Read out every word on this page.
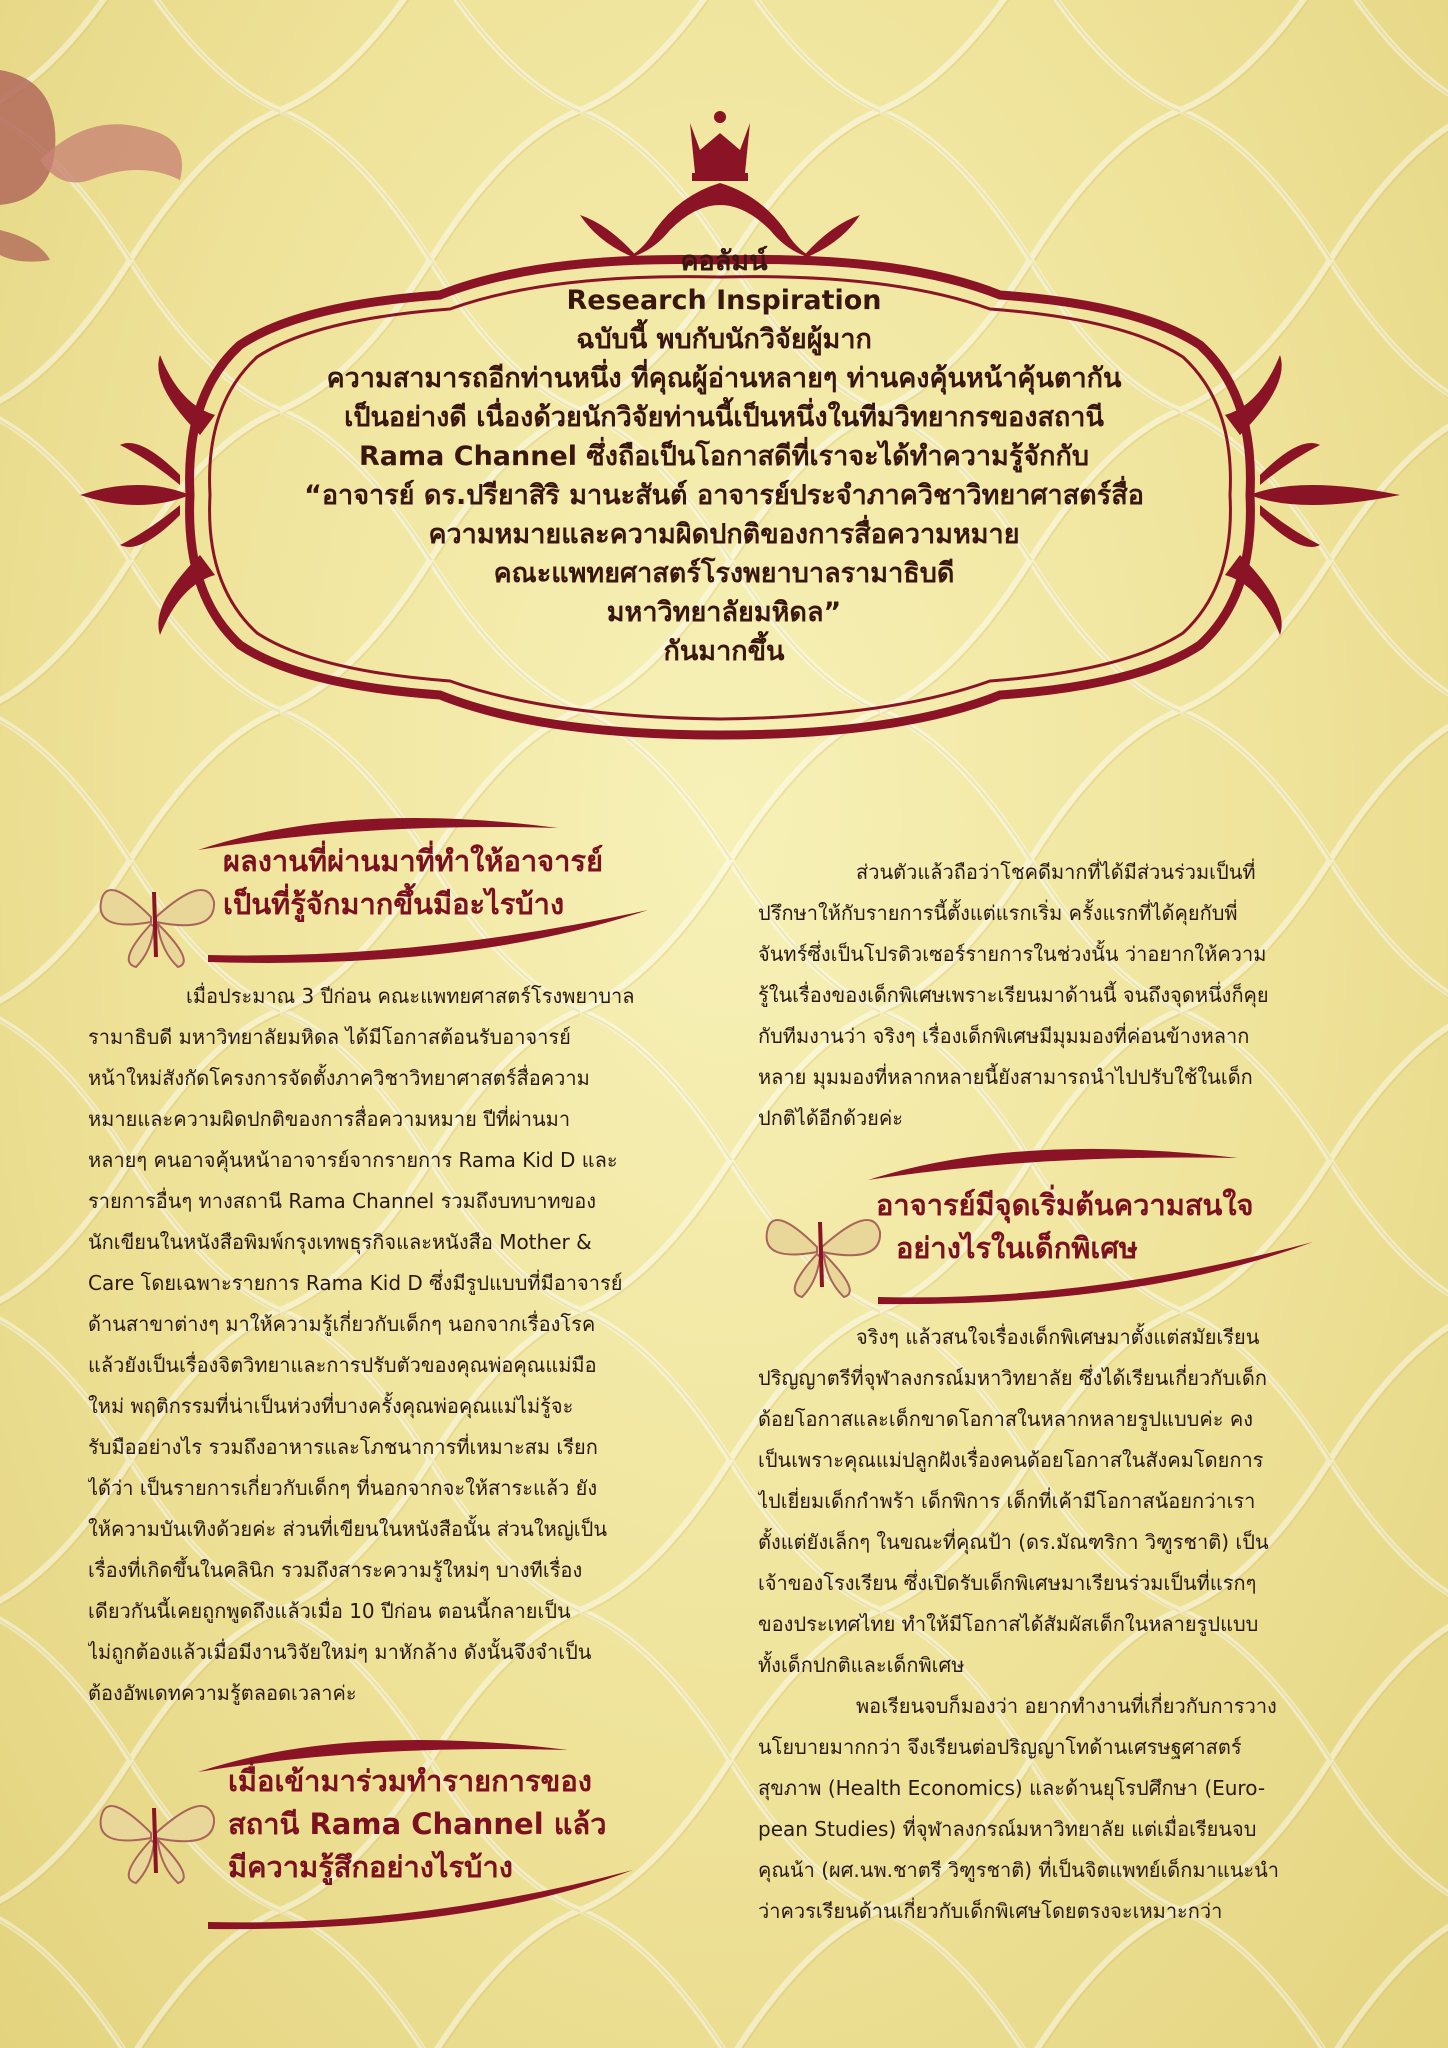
คอลัมน์
Research Inspiration
ฉบับนี้ พบกับนักวิจัยผู้มาก
ความสามารถอีกท่านหนึ่ง ที่คุณผู้อ่านหลายๆ ท่านคงคุ้นหน้าคุ้นตากัน
เป็นอย่างดี เนื่องด้วยนักวิจัยท่านนี้เป็นหนึ่งในทีมวิทยากรของสถานี
Rama Channel ซึ่งถือเป็นโอกาสดีที่เราจะได้ทำความรู้จักกับ
“อาจารย์ ดร.ปรียาสิริ มานะสันต์ อาจารย์ประจำภาควิชาวิทยาศาสตร์สื่อ
ความหมายและความผิดปกติของการสื่อความหมาย
คณะแพทยศาสตร์โรงพยาบาลรามาธิบดี
มหาวิทยาลัยมหิดล”
กันมากขึ้น
ผลงานที่ผ่านมาที่ทำให้อาจารย์
เป็นที่รู้จักมากขึ้นมีอะไรบ้าง

เมื่อประมาณ 3 ปีก่อน คณะแพทยศาสตร์โรงพยาบาล
รามาธิบดี มหาวิทยาลัยมหิดล ได้มีโอกาสต้อนรับอาจารย์
หน้าใหม่สังกัดโครงการจัดตั้งภาควิชาวิทยาศาสตร์สื่อความ
หมายและความผิดปกติของการสื่อความหมาย ปีที่ผ่านมา
หลายๆ คนอาจคุ้นหน้าอาจารย์จากรายการ Rama Kid D และ
รายการอื่นๆ ทางสถานี Rama Channel รวมถึงบทบาทของ
นักเขียนในหนังสือพิมพ์กรุงเทพธุรกิจและหนังสือ Mother &
Care โดยเฉพาะรายการ Rama Kid D ซึ่งมีรูปแบบที่มีอาจารย์
ด้านสาขาต่างๆ มาให้ความรู้เกี่ยวกับเด็กๆ นอกจากเรื่องโรค
แล้วยังเป็นเรื่องจิตวิทยาและการปรับตัวของคุณพ่อคุณแม่มือ
ใหม่ พฤติกรรมที่น่าเป็นห่วงที่บางครั้งคุณพ่อคุณแม่ไม่รู้จะ
รับมืออย่างไร รวมถึงอาหารและโภชนาการที่เหมาะสม เรียก
ได้ว่า เป็นรายการเกี่ยวกับเด็กๆ ที่นอกจากจะให้สาระแล้ว ยัง
ให้ความบันเทิงด้วยค่ะ ส่วนที่เขียนในหนังสือนั้น ส่วนใหญ่เป็น
เรื่องที่เกิดขึ้นในคลินิก รวมถึงสาระความรู้ใหม่ๆ บางทีเรื่อง
เดียวกันนี้เคยถูกพูดถึงแล้วเมื่อ 10 ปีก่อน ตอนนี้กลายเป็น
ไม่ถูกต้องแล้วเมื่อมีงานวิจัยใหม่ๆ มาหักล้าง ดังนั้นจึงจำเป็น
ต้องอัพเดทความรู้ตลอดเวลาค่ะ

เมื่อเข้ามาร่วมทำรายการของ
สถานี Rama Channel แล้ว
มีความรู้สึกอย่างไรบ้าง

ส่วนตัวแล้วถือว่าโชคดีมากที่ได้มีส่วนร่วมเป็นที่
ปรึกษาให้กับรายการนี้ตั้งแต่แรกเริ่ม ครั้งแรกที่ได้คุยกับพี่
จันทร์ซึ่งเป็นโปรดิวเซอร์รายการในช่วงนั้น ว่าอยากให้ความ
รู้ในเรื่องของเด็กพิเศษเพราะเรียนมาด้านนี้ จนถึงจุดหนึ่งก็คุย
กับทีมงานว่า จริงๆ เรื่องเด็กพิเศษมีมุมมองที่ค่อนข้างหลาก
หลาย มุมมองที่หลากหลายนี้ยังสามารถนำไปปรับใช้ในเด็ก
ปกติได้อีกด้วยค่ะ

อาจารย์มีจุดเริ่มต้นความสนใจ
อย่างไรในเด็กพิเศษ

จริงๆ แล้วสนใจเรื่องเด็กพิเศษมาตั้งแต่สมัยเรียน
ปริญญาตรีที่จุฬาลงกรณ์มหาวิทยาลัย ซึ่งได้เรียนเกี่ยวกับเด็ก
ด้อยโอกาสและเด็กขาดโอกาสในหลากหลายรูปแบบค่ะ คง
เป็นเพราะคุณแม่ปลูกฝังเรื่องคนด้อยโอกาสในสังคมโดยการ
ไปเยี่ยมเด็กกำพร้า เด็กพิการ เด็กที่เค้ามีโอกาสน้อยกว่าเรา
ตั้งแต่ยังเล็กๆ ในขณะที่คุณป้า (ดร.มัณฑริกา วิฑูรชาติ) เป็น
เจ้าของโรงเรียน ซึ่งเปิดรับเด็กพิเศษมาเรียนร่วมเป็นที่แรกๆ
ของประเทศไทย ทำให้มีโอกาสได้สัมผัสเด็กในหลายรูปแบบ
ทั้งเด็กปกติและเด็กพิเศษ
พอเรียนจบก็มองว่า อยากทำงานที่เกี่ยวกับการวาง
นโยบายมากกว่า จึงเรียนต่อปริญญาโทด้านเศรษฐศาสตร์
สุขภาพ (Health Economics) และด้านยุโรปศึกษา (Euro-
pean Studies) ที่จุฬาลงกรณ์มหาวิทยาลัย แต่เมื่อเรียนจบ
คุณน้า (ผศ.นพ.ชาตรี วิฑูรชาติ) ที่เป็นจิตแพทย์เด็กมาแนะนำ
ว่าควรเรียนด้านเกี่ยวกับเด็กพิเศษโดยตรงจะเหมาะกว่า
